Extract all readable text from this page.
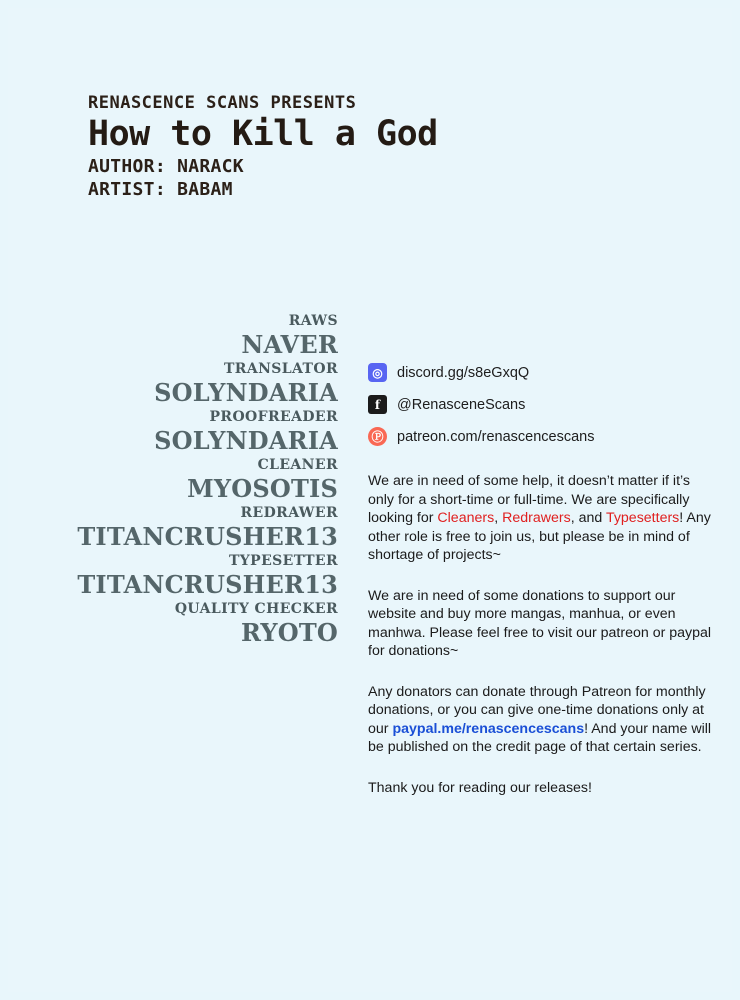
RENASCENCE SCANS PRESENTS

How to Kill a God

AUTHOR: NARACK

ARTIST: BABAM

RAWS
NAVER
TRANSLATOR
SOLYNDARIA
PROOFREADER
SOLYNDARIA
CLEANER
MYOSOTIS
REDRAWER
TITANCRUSHER13
TYPESETTER
TITANCRUSHER13
QUALITY CHECKER
RYOTO
◎ discord.gg/s8eGxqQ
f	@RenasceneScans
Ⓟ patreon.com/renascencescans

We are in need of some help, it doesn’t matter if it’s only for a short-time or full-time. We are specifically looking for Cleaners, Redrawers, and Typesetters! Any other role is free to join us, but please be in mind of shortage of projects~

We are in need of some donations to support our website and buy more mangas, manhua, or even manhwa. Please feel free to visit our patreon or paypal for donations~

Any donators can donate through Patreon for monthly donations, or you can give one-time donations only at our paypal.me/renascencescans! And your name will be published on the credit page of that certain series.

Thank you for reading our releases!
